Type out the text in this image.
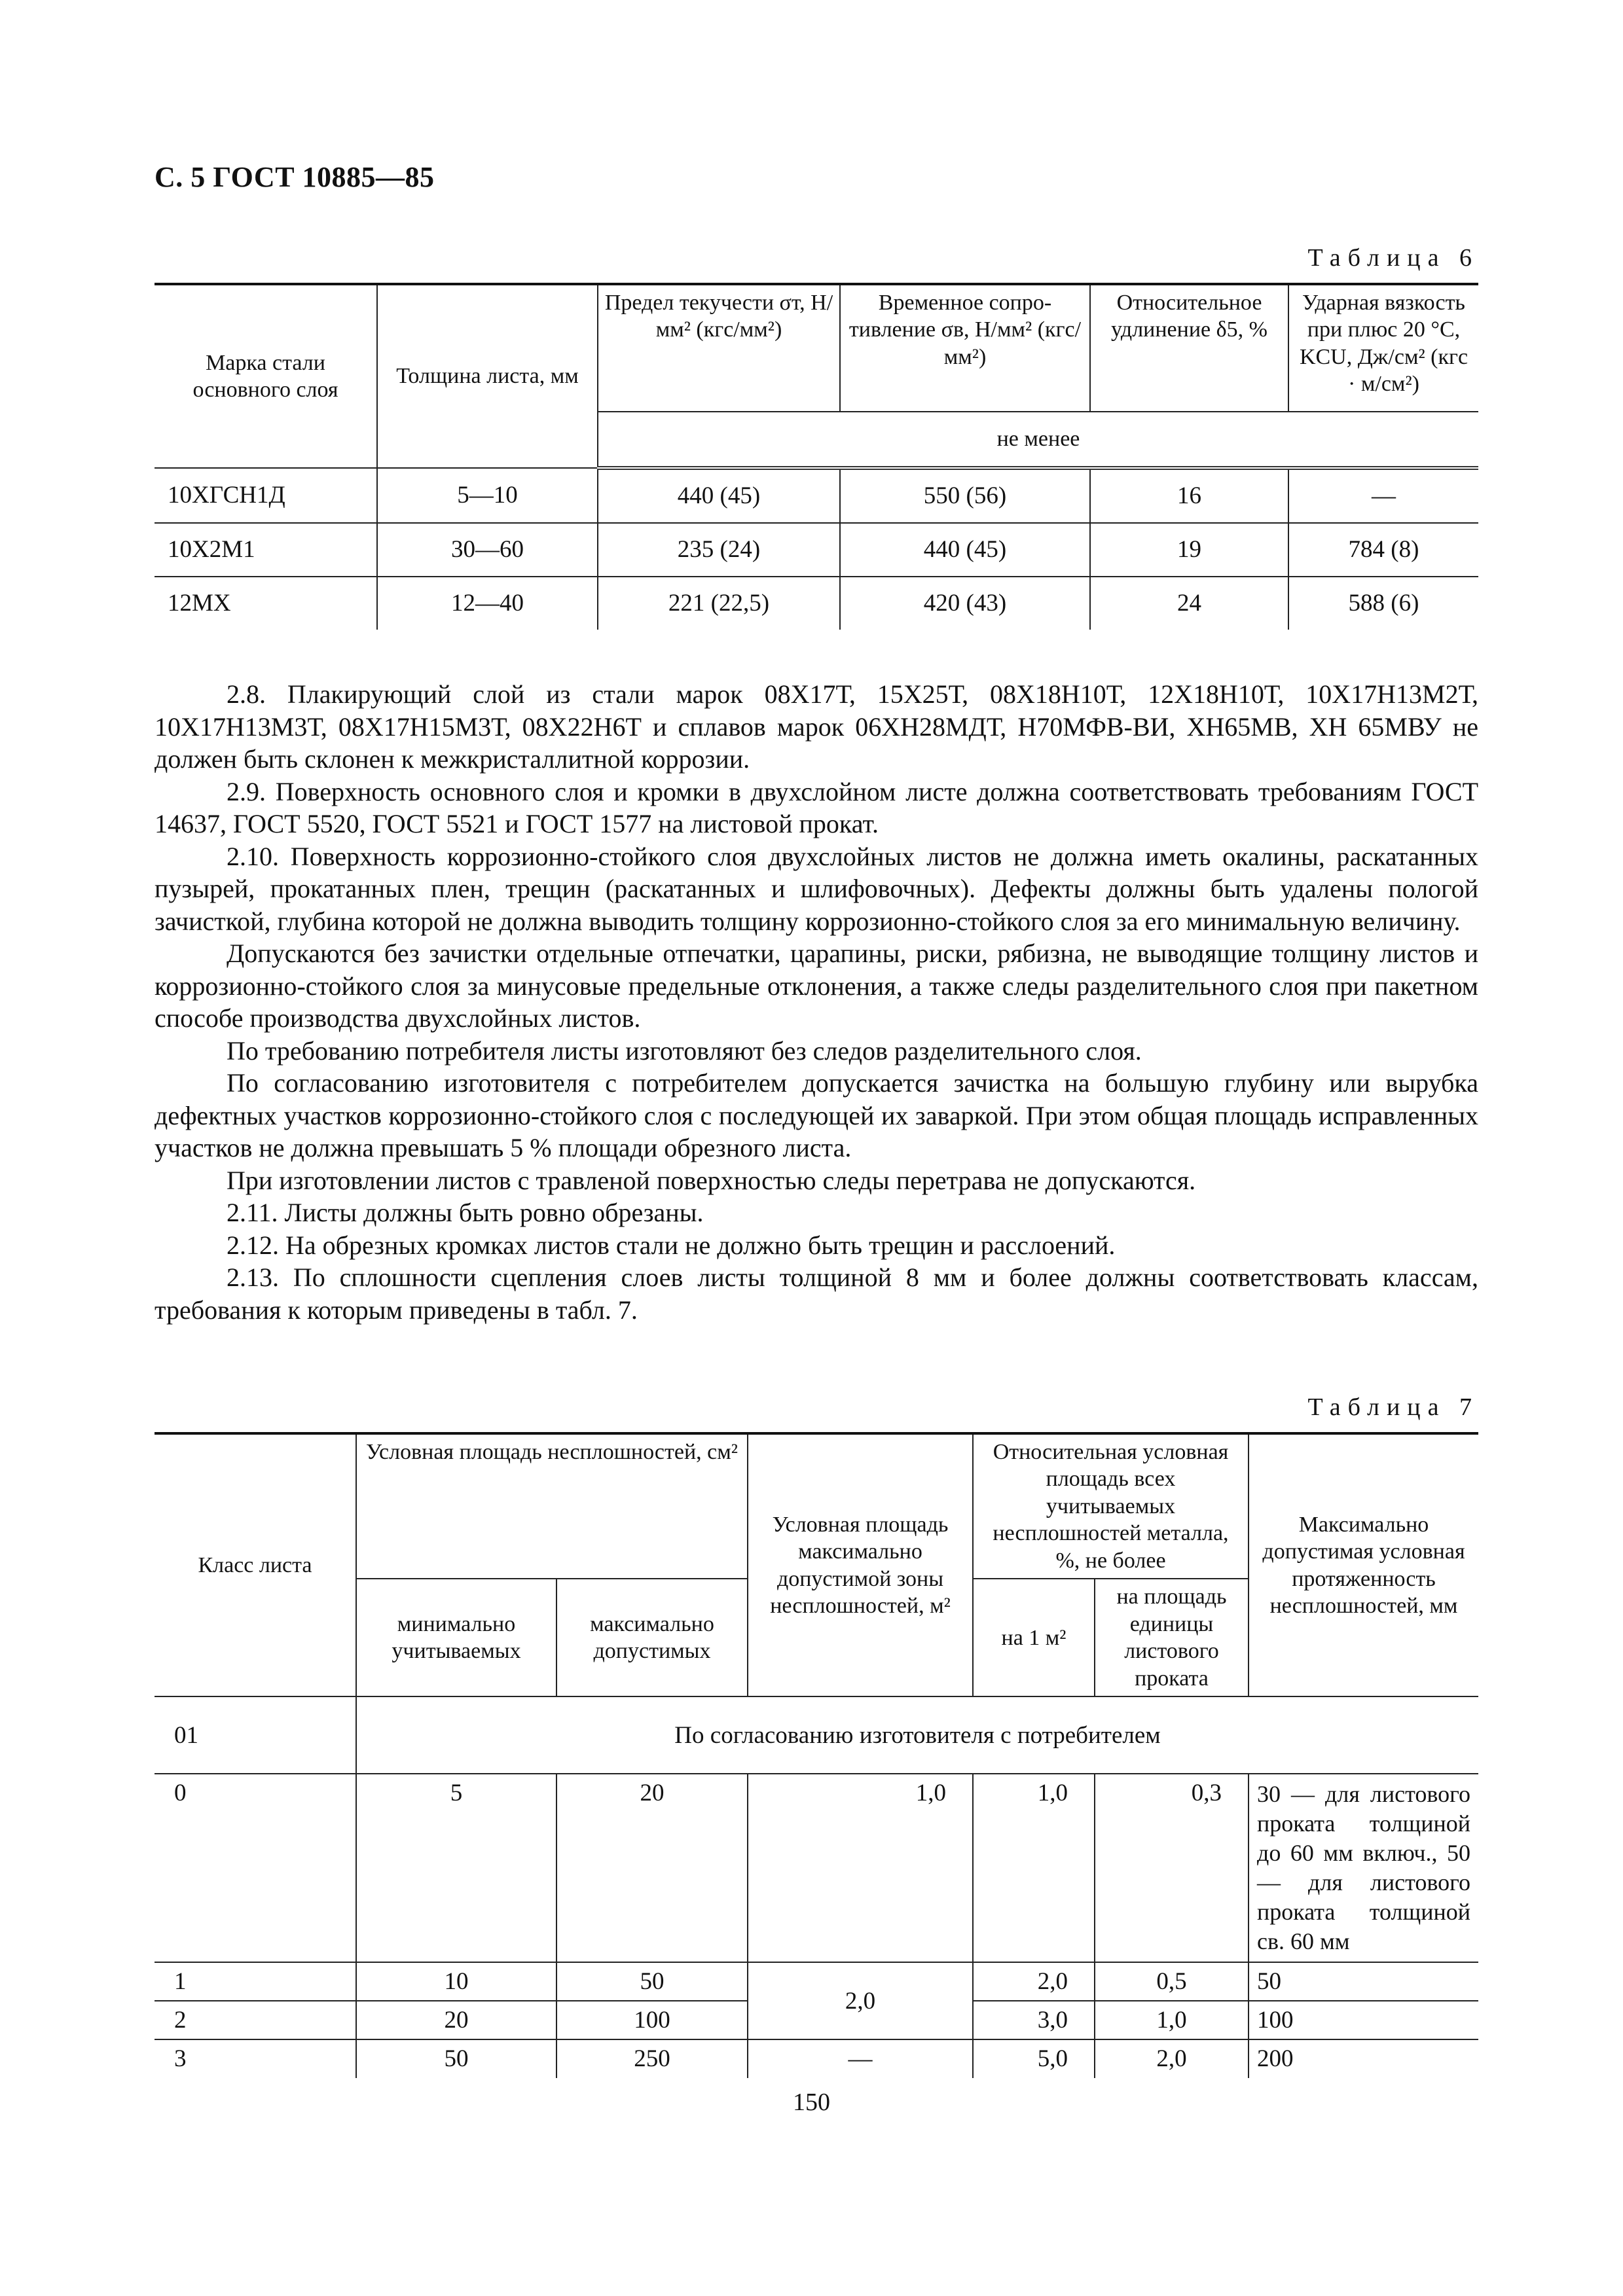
С. 5 ГОСТ 10885—85
Таблица 6
Марка стали основного слоя	Толщина листа, мм	Предел текучести σт, Н/мм² (кгс/мм²)	Временное сопротивление σв, Н/мм² (кгс/мм²)	Относительное удлинение δ5, %	Ударная вязкость при плюс 20 °С, KCU, Дж/см² (кгс · м/см²)
		не менее			
10ХГСН1Д	5—10	440 (45)	550 (56)	16	—
10Х2М1	30—60	235 (24)	440 (45)	19	784 (8)
12МХ	12—40	221 (22,5)	420 (43)	24	588 (6)

2.8. Плакирующий слой из стали марок 08Х17Т, 15Х25Т, 08Х18Н10Т, 12Х18Н10Т, 10Х17Н13М2Т, 10Х17Н13М3Т, 08Х17Н15М3Т, 08Х22Н6Т и сплавов марок 06ХН28МДТ, Н70МФВ-ВИ, ХН65МВ, ХН 65МВУ не должен быть склонен к межкристаллитной коррозии.

2.9. Поверхность основного слоя и кромки в двухслойном листе должна соответствовать требованиям ГОСТ 14637, ГОСТ 5520, ГОСТ 5521 и ГОСТ 1577 на листовой прокат.

2.10. Поверхность коррозионно-стойкого слоя двухслойных листов не должна иметь окалины, раскатанных пузырей, прокатанных плен, трещин (раскатанных и шлифовочных). Дефекты должны быть удалены пологой зачисткой, глубина которой не должна выводить толщину коррозионно-стойкого слоя за его минимальную величину.

Допускаются без зачистки отдельные отпечатки, царапины, риски, рябизна, не выводящие толщину листов и коррозионно-стойкого слоя за минусовые предельные отклонения, а также следы разделительного слоя при пакетном способе производства двухслойных листов.

По требованию потребителя листы изготовляют без следов разделительного слоя.

По согласованию изготовителя с потребителем допускается зачистка на большую глубину или вырубка дефектных участков коррозионно-стойкого слоя с последующей их заваркой. При этом общая площадь исправленных участков не должна превышать 5 % площади обрезного листа.

При изготовлении листов с травленой поверхностью следы перетрава не допускаются.

2.11. Листы должны быть ровно обрезаны.

2.12. На обрезных кромках листов стали не должно быть трещин и расслоений.

2.13. По сплошности сцепления слоев листы толщиной 8 мм и более должны соответствовать классам, требования к которым приведены в табл. 7.

Таблица 7
Класс листа	Условная площадь несплошностей, см²		Условная площадь максимально допустимой зоны несплошностей, м²	Относительная условная площадь всех учитываемых несплошностей металла, %, не более		Максимально допустимая условная протяженность несплошностей, мм
	минимально учитываемых	максимально допустимых		на 1 м²	на площадь единицы листового проката	

01	По согласованию изготовителя с потребителем					
0	5	20	1,0	1,0	0,3	30 — для листового проката толщиной до 60 мм включ., 50 — для листового проката толщиной св. 60 мм
1	10	50	2,0	2,0	0,5	50
2	20	100		3,0	1,0	100
3	50	250	—	5,0	2,0	200
150
